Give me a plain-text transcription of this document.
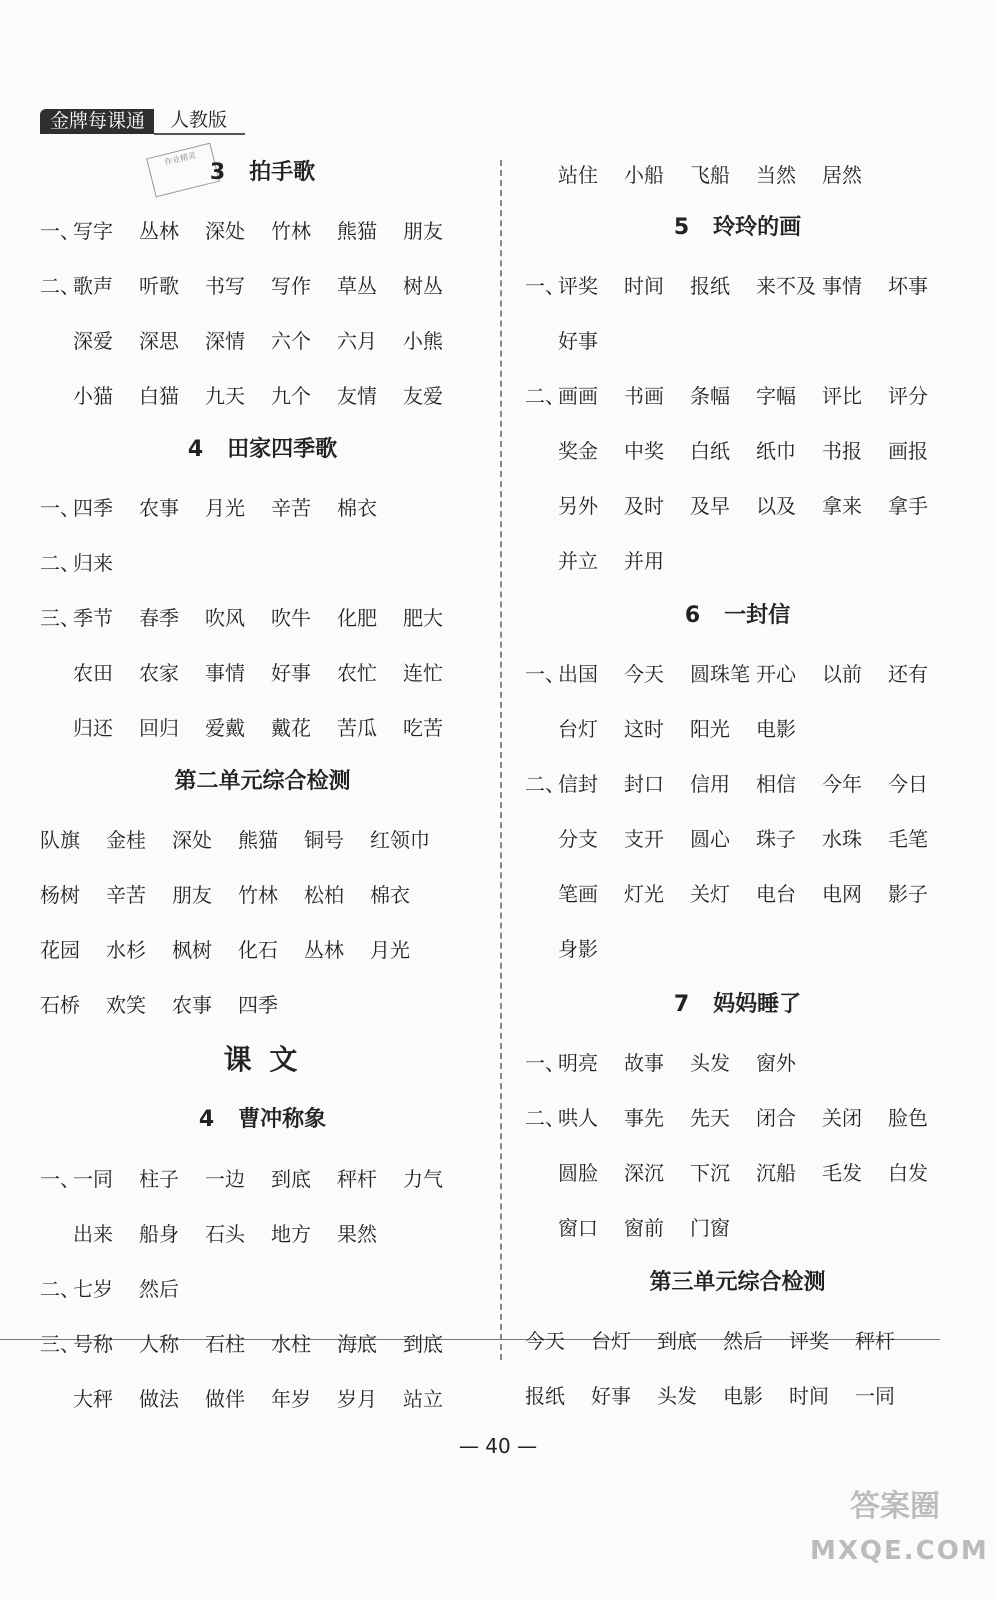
金牌每课通	人教版
作业精灵
3 拍手歌
一、
写字	丛林	深处	竹林	熊猫	朋友
二、
歌声	听歌	书写	写作	草丛	树丛
深爱	深思	深情	六个	六月	小熊
小猫	白猫	九天	九个	友情	友爱
4 田家四季歌
一、
四季	农事	月光	辛苦	棉衣
二、
归来
三、
季节	春季	吹风	吹牛	化肥	肥大
农田	农家	事情	好事	农忙	连忙
归还	回归	爱戴	戴花	苦瓜	吃苦
第二单元综合检测
队旗	金桂	深处	熊猫	铜号	红领巾
杨树	辛苦	朋友	竹林	松柏	棉衣
花园	水杉	枫树	化石	丛林	月光
石桥	欢笑	农事	四季
课 文
4 曹冲称象
一、
一同	柱子	一边	到底	秤杆	力气
出来	船身	石头	地方	果然
二、
七岁	然后
三、
号称	人称	石柱	水柱	海底	到底
大秤	做法	做伴	年岁	岁月	站立
站住	小船	飞船	当然	居然
5 玲玲的画
一、
评奖	时间	报纸	来不及 事情	坏事
好事
二、
画画	书画	条幅	字幅	评比	评分
奖金	中奖	白纸	纸巾	书报	画报
另外	及时	及早	以及	拿来	拿手
并立	并用
6 一封信
一、
出国	今天	圆珠笔 开心	以前	还有
台灯	这时	阳光	电影
二、
信封	封口	信用	相信	今年	今日
分支	支开	圆心	珠子	水珠	毛笔
笔画	灯光	关灯	电台	电网	影子
身影
7 妈妈睡了
一、
明亮	故事	头发	窗外
二、
哄人	事先	先天	闭合	关闭	脸色
圆脸	深沉	下沉	沉船	毛发	白发
窗口	窗前	门窗
第三单元综合检测
今天	台灯	到底	然后	评奖	秤杆
报纸	好事	头发	电影	时间	一同
— 40 —
答案圈
MXQE.COM
